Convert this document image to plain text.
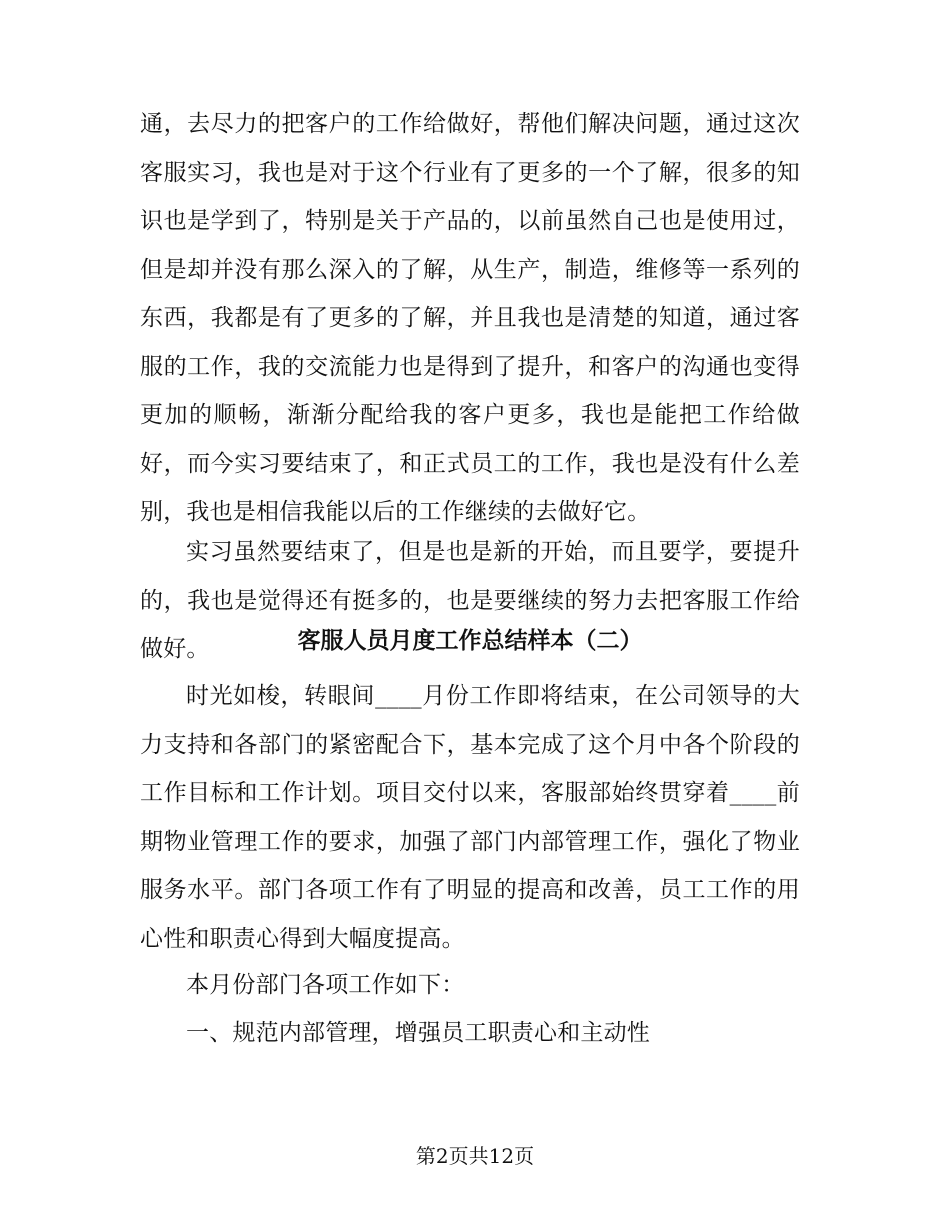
通，去尽力的把客户的工作给做好，帮他们解决问题，通过这次客服实习，我也是对于这个行业有了更多的一个了解，很多的知识也是学到了，特别是关于产品的，以前虽然自己也是使用过，但是却并没有那么深入的了解，从生产，制造，维修等一系列的东西，我都是有了更多的了解，并且我也是清楚的知道，通过客服的工作，我的交流能力也是得到了提升，和客户的沟通也变得更加的顺畅，渐渐分配给我的客户更多，我也是能把工作给做好，而今实习要结束了，和正式员工的工作，我也是没有什么差别，我也是相信我能以后的工作继续的去做好它。

实习虽然要结束了，但是也是新的开始，而且要学，要提升的，我也是觉得还有挺多的，也是要继续的努力去把客服工作给做好。	客服人员月度工作总结样本（二）

时光如梭，转眼间____月份工作即将结束，在公司领导的大力支持和各部门的紧密配合下，基本完成了这个月中各个阶段的工作目标和工作计划。项目交付以来，客服部始终贯穿着____前期物业管理工作的要求，加强了部门内部管理工作，强化了物业服务水平。部门各项工作有了明显的提高和改善，员工工作的用心性和职责心得到大幅度提高。

本月份部门各项工作如下：

一、规范内部管理，增强员工职责心和主动性

第2页共12页
